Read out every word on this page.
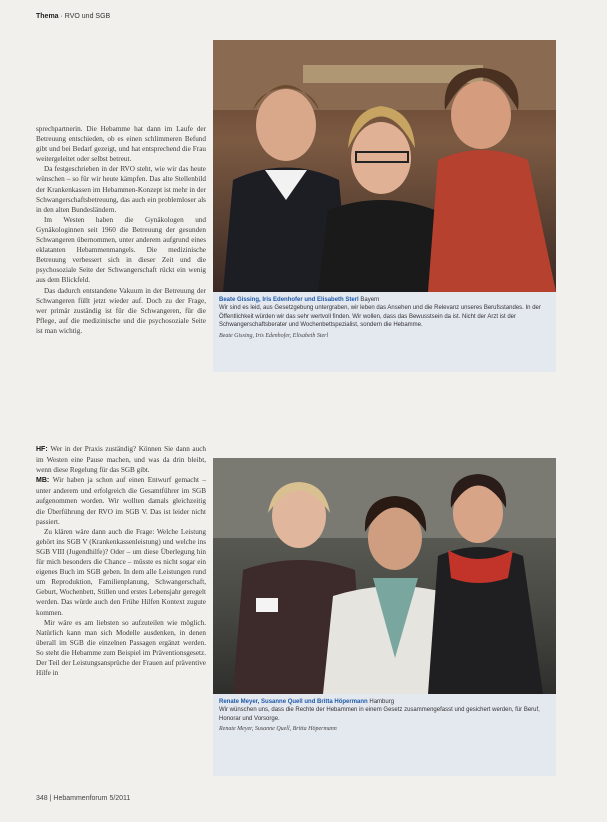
Thema · RVO und SGB

sprechpartnerin. Die Hebamme hat dann im Laufe der Betreuung entschieden, ob es einen schlimmeren Befund gibt und bei Bedarf gezeigt, und hat entsprechend die Frau weitergeleitet oder selbst betreut.

Da festgeschrieben in der RVO steht, wie wir das heute wünschen – so für wir heute kämpfen. Das alte Stellenbild der Krankenkassen im Hebammen-Konzept ist mehr in der Schwangerschaftsbetreuung, das auch ein problemloser als in den alten Bundesländern.

Im Westen haben die Gynäkologen und Gynäkologinnen seit 1960 die Betreuung der gesunden Schwangeren übernommen, unter anderem aufgrund eines eklatanten Hebammenmangels. Die medizinische Betreuung verbessert sich in dieser Zeit und die psychosoziale Seite der Schwangerschaft rückt ein wenig aus dem Blickfeld.

Das dadurch entstandene Vakuum in der Betreuung der Schwangeren füllt jetzt wieder auf. Doch zu der Frage, wer primär zuständig ist für die Schwangeren, für die Pflege, auf die medizinische und die psychosoziale Seite ist man wichtig.

HF: Wer in der Praxis zuständig? Können Sie dann auch im Westen eine Pause machen, und was da drin bleibt, wenn diese Regelung für das SGB gibt.

MB: Wir haben ja schon auf einen Entwurf gemacht – unter anderem und erfolgreich die Gesamtführer im SGB aufgenommen worden. Wir wollten damals gleichzeitig die Überführung der RVO im SGB V. Das ist leider nicht passiert.

Zu klären wäre dann auch die Frage: Welche Leistung gehört ins SGB V (Krankenkassenleistung) und welche ins SGB VIII (Jugendhilfe)? Oder – um diese Überlegung hin für mich besonders die Chance – müsste es nicht sogar ein eigenes Buch im SGB geben. In dem alle Leistungen rund um Reproduktion, Familienplanung, Schwangerschaft, Geburt, Wochenbett, Stillen und erstes Lebensjahr geregelt werden. Das würde auch den Frühe Hilfen Kontext zugute kommen.

Mir wäre es am liebsten so aufzuteilen wie möglich. Natürlich kann man sich Modelle ausdenken, in denen überall im SGB die einzelnen Passagen ergänzt werden. So steht die Hebamme zum Beispiel im Präventionsgesetz. Der Teil der Leistungsansprüche der Frauen auf präventive Hilfe in

Beate Gissing, Iris Edenhofer und Elisabeth Sterl Bayern
Wir sind es leid, aus Gesetzgebung untergraben, wir leben das Ansehen und die Relevanz unseres Berufsstandes. In der Öffentlichkeit würden wir das sehr wertvoll finden. Wir wollen, dass das Bewusstsein da ist. Nicht der Arzt ist der Schwangerschaftsberater und Wochenbettspezialist, sondern die Hebamme.
Beate Gissing, Iris Edenhofer, Elisabeth Sterl
Renate Meyer, Susanne Quell und Britta Höpermann Hamburg
Wir wünschen uns, dass die Rechte der Hebammen in einem Gesetz zusammengefasst und gesichert werden, für Beruf, Honorar und Vorsorge.
Renate Meyer, Susanne Quell, Britta Höpermann
348 | Hebammenforum 5/2011
